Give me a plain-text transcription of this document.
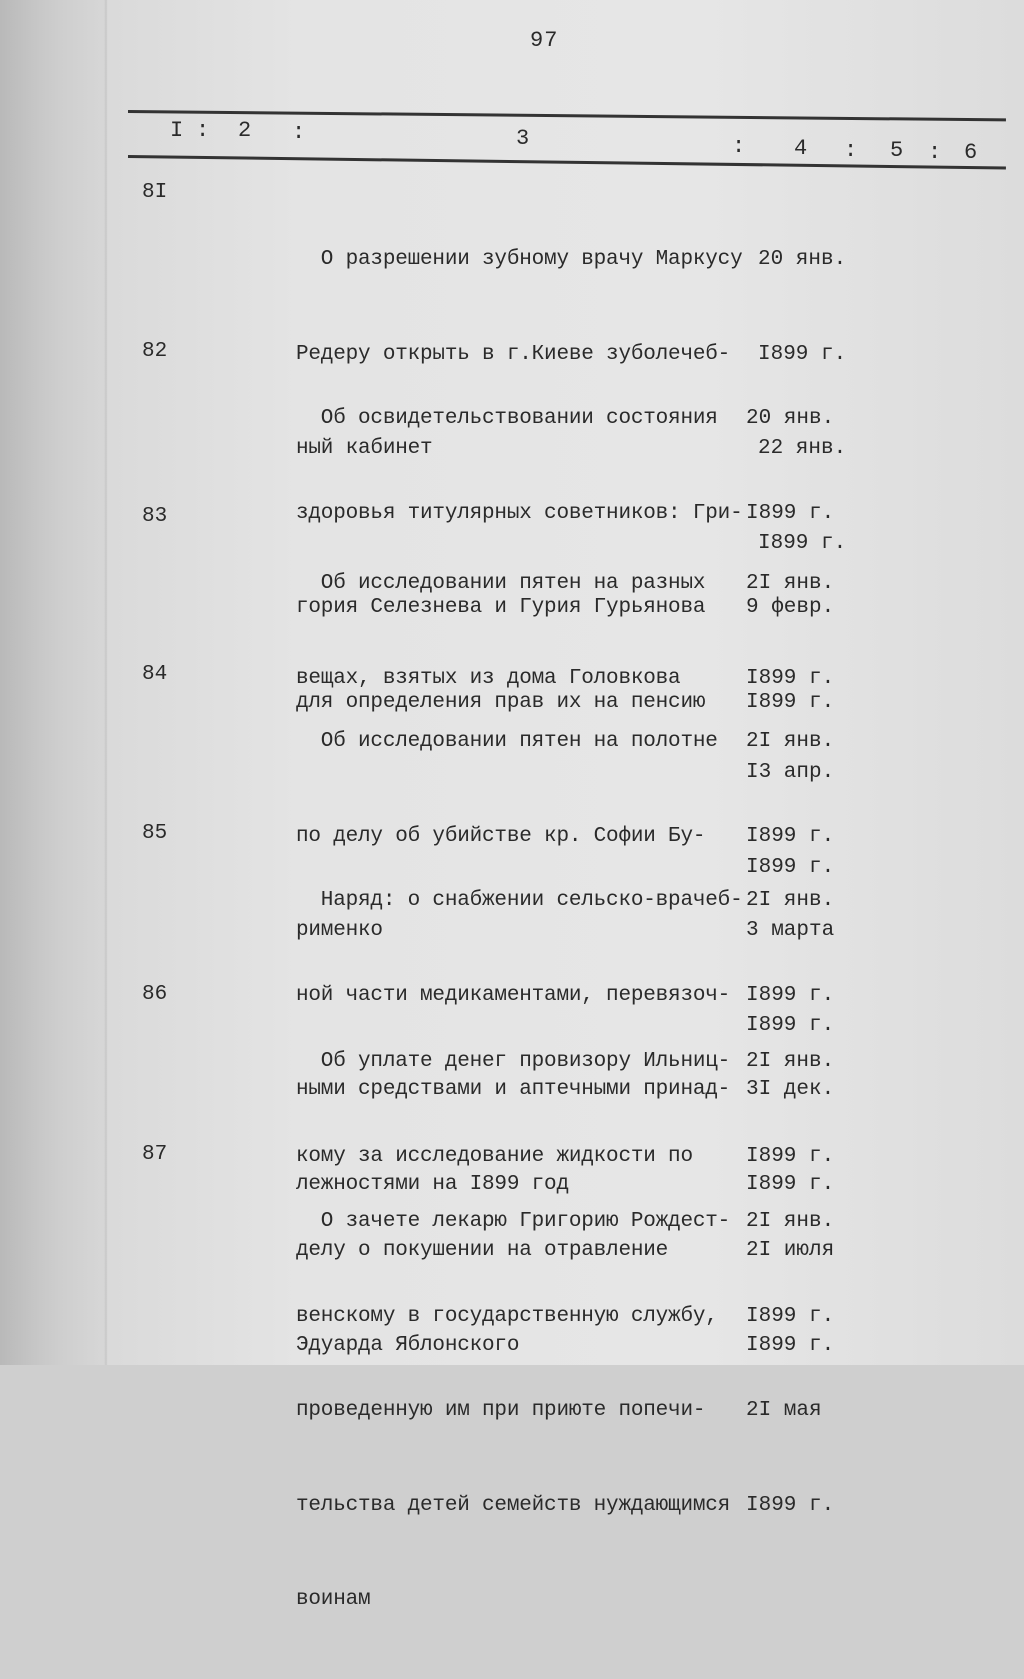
97
I : 2 :	3	: 4 : 5 : 6
8I

О разрешении зубному врачу Маркусу

Редеру открыть в г.Киеве зуболечеб-

ный кабинет

20 янв.

I899 г.

22 янв.

I899 г.

82

Об освидетельствовании состояния

здоровья титулярных советников: Гри-

гория Селезнева и Гурия Гурьянова

для определения прав их на пенсию

20 янв.

I899 г.

9 февр.

I899 г.

83

Об исследовании пятен на разных

вещах, взятых из дома Головкова

2I янв.

I899 г.

I3 апр.

I899 г.

84

Об исследовании пятен на полотне

по делу об убийстве кр. Софии Бу-

рименко

2I янв.

I899 г.

3 марта

I899 г.

85

Наряд: о снабжении сельско-врачеб-

ной части медикаментами, перевязоч-

ными средствами и аптечными принад-

лежностями на I899 год

2I янв.

I899 г.

3I дек.

I899 г.

86

Об уплате денег провизору Ильниц-

кому за исследование жидкости по

делу о покушении на отравление

Эдуарда Яблонского

2I янв.

I899 г.

2I июля

I899 г.

87

О зачете лекарю Григорию Рождест-

венскому в государственную службу,

проведенную им при приюте попечи-

тельства детей семейств нуждающимся

воинам

2I янв.

I899 г.

2I мая

I899 г.
